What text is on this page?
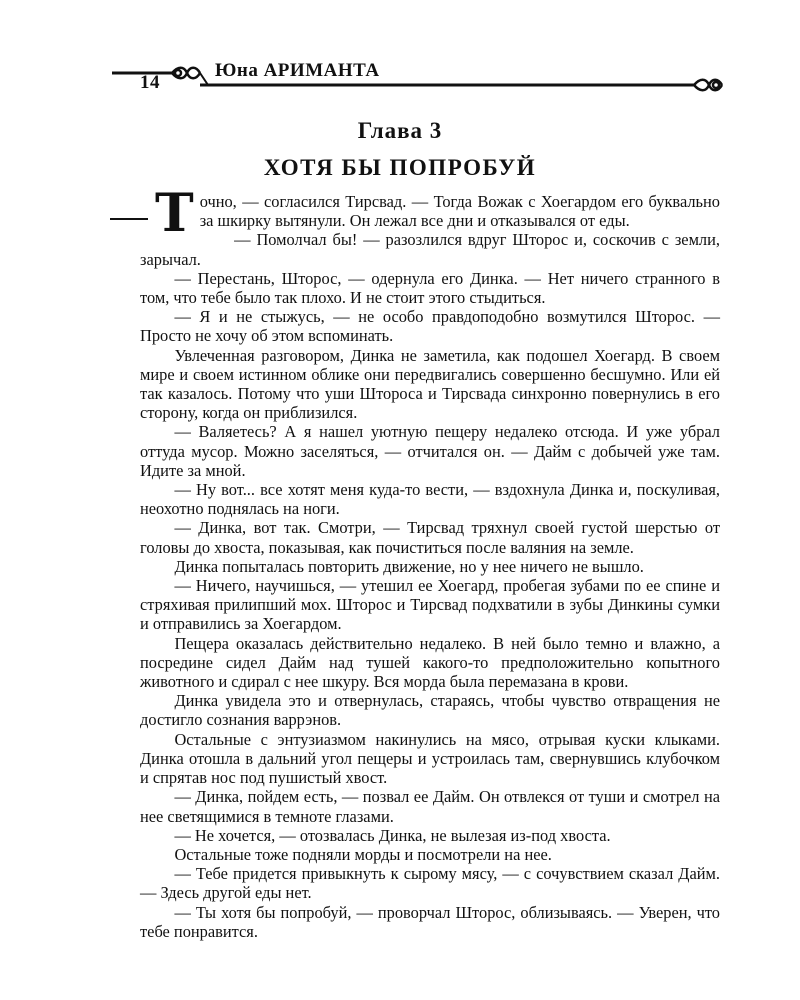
14
Юна АРИМАНТА
Глава 3
ХОТЯ БЫ ПОПРОБУЙ

Точно, — согласился Тирсвад. — Тогда Вожак с Хоегардом его буквально за шкирку вытянули. Он лежал все дни и отказывался от еды.

— Помолчал бы! — разозлился вдруг Шторос и, соскочив с земли, зарычал.

— Перестань, Шторос, — одернула его Динка. — Нет ничего странного в том, что тебе было так плохо. И не стоит этого стыдиться.

— Я и не стыжусь, — не особо правдоподобно возмутился Шторос. — Просто не хочу об этом вспоминать.

Увлеченная разговором, Динка не заметила, как подошел Хоегард. В своем мире и своем истинном облике они передвигались совершенно бесшумно. Или ей так казалось. Потому что уши Штороса и Тирсвада синхронно повернулись в его сторону, когда он приблизился.

— Валяетесь? А я нашел уютную пещеру недалеко отсюда. И уже убрал оттуда мусор. Можно заселяться, — отчитался он. — Дайм с добычей уже там. Идите за мной.

— Ну вот... все хотят меня куда-то вести, — вздохнула Динка и, поскуливая, неохотно поднялась на ноги.

— Динка, вот так. Смотри, — Тирсвад тряхнул своей густой шерстью от головы до хвоста, показывая, как почиститься после валяния на земле.

Динка попыталась повторить движение, но у нее ничего не вышло.

— Ничего, научишься, — утешил ее Хоегард, пробегая зубами по ее спине и стряхивая прилипший мох. Шторос и Тирсвад подхватили в зубы Динкины сумки и отправились за Хоегардом.

Пещера оказалась действительно недалеко. В ней было темно и влажно, а посредине сидел Дайм над тушей какого-то предположительно копытного животного и сдирал с нее шкуру. Вся морда была перемазана в крови.

Динка увидела это и отвернулась, стараясь, чтобы чувство отвращения не достигло сознания варрэнов.

Остальные с энтузиазмом накинулись на мясо, отрывая куски клыками. Динка отошла в дальний угол пещеры и устроилась там, свернувшись клубочком и спрятав нос под пушистый хвост.

— Динка, пойдем есть, — позвал ее Дайм. Он отвлекся от туши и смотрел на нее светящимися в темноте глазами.

— Не хочется, — отозвалась Динка, не вылезая из-под хвоста.

Остальные тоже подняли морды и посмотрели на нее.

— Тебе придется привыкнуть к сырому мясу, — с сочувствием сказал Дайм. — Здесь другой еды нет.

— Ты хотя бы попробуй, — проворчал Шторос, облизываясь. — Уверен, что тебе понравится.
